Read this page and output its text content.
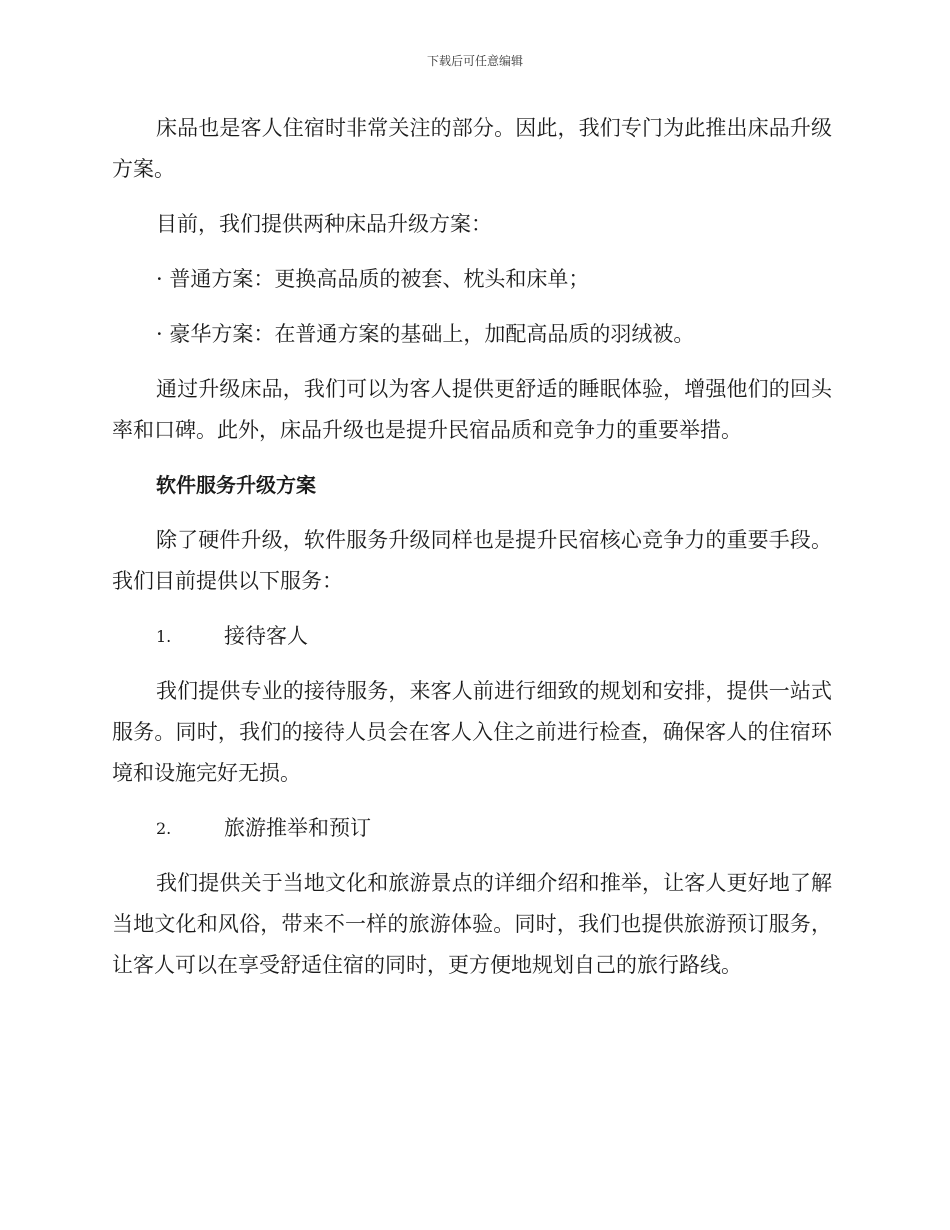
下载后可任意编辑

床品也是客人住宿时非常关注的部分。因此，我们专门为此推出床品升级方案。

目前，我们提供两种床品升级方案：

· 普通方案：更换高品质的被套、枕头和床单；

· 豪华方案：在普通方案的基础上，加配高品质的羽绒被。

通过升级床品，我们可以为客人提供更舒适的睡眠体验，增强他们的回头率和口碑。此外，床品升级也是提升民宿品质和竞争力的重要举措。

软件服务升级方案

除了硬件升级，软件服务升级同样也是提升民宿核心竞争力的重要手段。我们目前提供以下服务：

1.	接待客人

我们提供专业的接待服务，来客人前进行细致的规划和安排，提供一站式服务。同时，我们的接待人员会在客人入住之前进行检查，确保客人的住宿环境和设施完好无损。

2.	旅游推举和预订

我们提供关于当地文化和旅游景点的详细介绍和推举，让客人更好地了解当地文化和风俗，带来不一样的旅游体验。同时，我们也提供旅游预订服务，让客人可以在享受舒适住宿的同时，更方便地规划自己的旅行路线。
